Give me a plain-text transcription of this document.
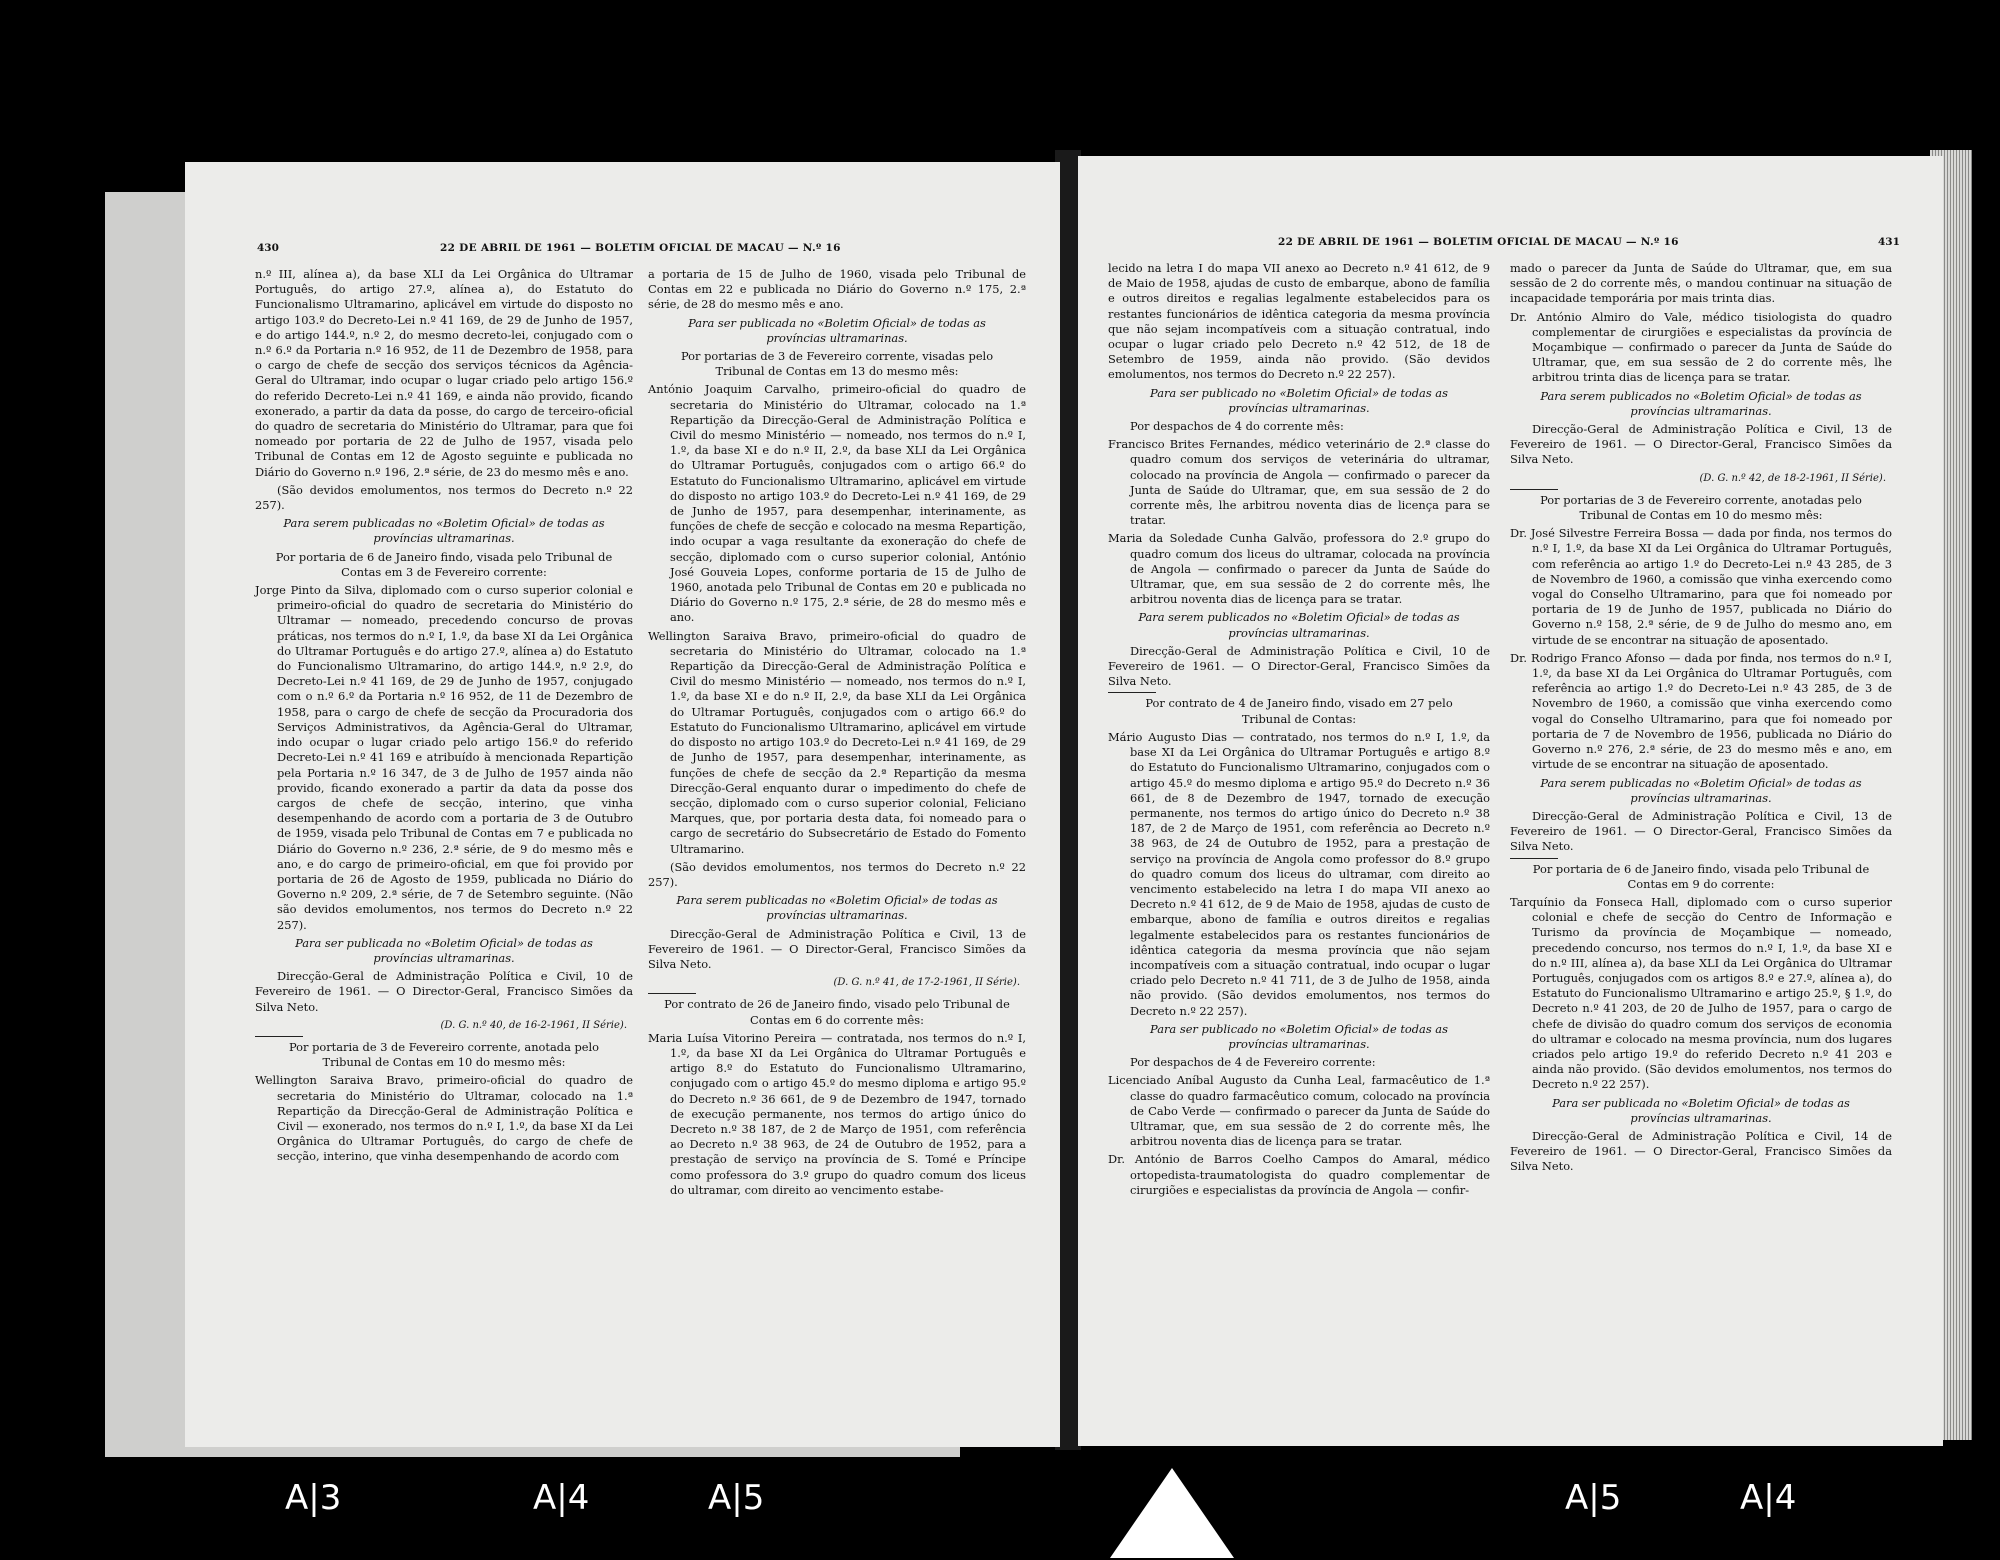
430	22 DE ABRIL DE 1961 — BOLETIM OFICIAL DE MACAU — N.º 16

n.º III, alínea a), da base XLI da Lei Orgânica do Ultramar Português, do artigo 27.º, alínea a), do Estatuto do Funcionalismo Ultramarino, aplicável em virtude do disposto no artigo 103.º do Decreto-Lei n.º 41 169, de 29 de Junho de 1957, e do artigo 144.º, n.º 2, do mesmo decreto-lei, conjugado com o n.º 6.º da Portaria n.º 16 952, de 11 de Dezembro de 1958, para o cargo de chefe de secção dos serviços técnicos da Agência-Geral do Ultramar, indo ocupar o lugar criado pelo artigo 156.º do referido Decreto-Lei n.º 41 169, e ainda não provido, ficando exonerado, a partir da data da posse, do cargo de terceiro-oficial do quadro de secretaria do Ministério do Ultramar, para que foi nomeado por portaria de 22 de Julho de 1957, visada pelo Tribunal de Contas em 12 de Agosto seguinte e publicada no Diário do Governo n.º 196, 2.ª série, de 23 do mesmo mês e ano.

(São devidos emolumentos, nos termos do Decreto n.º 22 257).

Para serem publicadas no «Boletim Oficial» de todas as províncias ultramarinas.

Por portaria de 6 de Janeiro findo, visada pelo Tribunal de Contas em 3 de Fevereiro corrente:

Jorge Pinto da Silva, diplomado com o curso superior colonial e primeiro-oficial do quadro de secretaria do Ministério do Ultramar — nomeado, precedendo concurso de provas práticas, nos termos do n.º I, 1.º, da base XI da Lei Orgânica do Ultramar Português e do artigo 27.º, alínea a) do Estatuto do Funcionalismo Ultramarino, do artigo 144.º, n.º 2.º, do Decreto-Lei n.º 41 169, de 29 de Junho de 1957, conjugado com o n.º 6.º da Portaria n.º 16 952, de 11 de Dezembro de 1958, para o cargo de chefe de secção da Procuradoria dos Serviços Administrativos, da Agência-Geral do Ultramar, indo ocupar o lugar criado pelo artigo 156.º do referido Decreto-Lei n.º 41 169 e atribuído à mencionada Repartição pela Portaria n.º 16 347, de 3 de Julho de 1957 ainda não provido, ficando exonerado a partir da data da posse dos cargos de chefe de secção, interino, que vinha desempenhando de acordo com a portaria de 3 de Outubro de 1959, visada pelo Tribunal de Contas em 7 e publicada no Diário do Governo n.º 236, 2.ª série, de 9 do mesmo mês e ano, e do cargo de primeiro-oficial, em que foi provido por portaria de 26 de Agosto de 1959, publicada no Diário do Governo n.º 209, 2.ª série, de 7 de Setembro seguinte. (Não são devidos emolumentos, nos termos do Decreto n.º 22 257).

Para ser publicada no «Boletim Oficial» de todas as províncias ultramarinas.

Direcção-Geral de Administração Política e Civil, 10 de Fevereiro de 1961. — O Director-Geral, Francisco Simões da Silva Neto.

(D. G. n.º 40, de 16-2-1961, II Série).

Por portaria de 3 de Fevereiro corrente, anotada pelo Tribunal de Contas em 10 do mesmo mês:

Wellington Saraiva Bravo, primeiro-oficial do quadro de secretaria do Ministério do Ultramar, colocado na 1.ª Repartição da Direcção-Geral de Administração Política e Civil — exonerado, nos termos do n.º I, 1.º, da base XI da Lei Orgânica do Ultramar Português, do cargo de chefe de secção, interino, que vinha desempenhando de acordo com

a portaria de 15 de Julho de 1960, visada pelo Tribunal de Contas em 22 e publicada no Diário do Governo n.º 175, 2.ª série, de 28 do mesmo mês e ano.

Para ser publicada no «Boletim Oficial» de todas as províncias ultramarinas.

Por portarias de 3 de Fevereiro corrente, visadas pelo Tribunal de Contas em 13 do mesmo mês:

António Joaquim Carvalho, primeiro-oficial do quadro de secretaria do Ministério do Ultramar, colocado na 1.ª Repartição da Direcção-Geral de Administração Política e Civil do mesmo Ministério — nomeado, nos termos do n.º I, 1.º, da base XI e do n.º II, 2.º, da base XLI da Lei Orgânica do Ultramar Português, conjugados com o artigo 66.º do Estatuto do Funcionalismo Ultramarino, aplicável em virtude do disposto no artigo 103.º do Decreto-Lei n.º 41 169, de 29 de Junho de 1957, para desempenhar, interinamente, as funções de chefe de secção e colocado na mesma Repartição, indo ocupar a vaga resultante da exoneração do chefe de secção, diplomado com o curso superior colonial, António José Gouveia Lopes, conforme portaria de 15 de Julho de 1960, anotada pelo Tribunal de Contas em 20 e publicada no Diário do Governo n.º 175, 2.ª série, de 28 do mesmo mês e ano.

Wellington Saraiva Bravo, primeiro-oficial do quadro de secretaria do Ministério do Ultramar, colocado na 1.ª Repartição da Direcção-Geral de Administração Política e Civil do mesmo Ministério — nomeado, nos termos do n.º I, 1.º, da base XI e do n.º II, 2.º, da base XLI da Lei Orgânica do Ultramar Português, conjugados com o artigo 66.º do Estatuto do Funcionalismo Ultramarino, aplicável em virtude do disposto no artigo 103.º do Decreto-Lei n.º 41 169, de 29 de Junho de 1957, para desempenhar, interinamente, as funções de chefe de secção da 2.ª Repartição da mesma Direcção-Geral enquanto durar o impedimento do chefe de secção, diplomado com o curso superior colonial, Feliciano Marques, que, por portaria desta data, foi nomeado para o cargo de secretário do Subsecretário de Estado do Fomento Ultramarino.

(São devidos emolumentos, nos termos do Decreto n.º 22 257).

Para serem publicadas no «Boletim Oficial» de todas as províncias ultramarinas.

Direcção-Geral de Administração Política e Civil, 13 de Fevereiro de 1961. — O Director-Geral, Francisco Simões da Silva Neto.

(D. G. n.º 41, de 17-2-1961, II Série).

Por contrato de 26 de Janeiro findo, visado pelo Tribunal de Contas em 6 do corrente mês:

Maria Luísa Vitorino Pereira — contratada, nos termos do n.º I, 1.º, da base XI da Lei Orgânica do Ultramar Português e artigo 8.º do Estatuto do Funcionalismo Ultramarino, conjugado com o artigo 45.º do mesmo diploma e artigo 95.º do Decreto n.º 36 661, de 9 de Dezembro de 1947, tornado de execução permanente, nos termos do artigo único do Decreto n.º 38 187, de 2 de Março de 1951, com referência ao Decreto n.º 38 963, de 24 de Outubro de 1952, para a prestação de serviço na província de S. Tomé e Príncipe como professora do 3.º grupo do quadro comum dos liceus do ultramar, com direito ao vencimento estabe-

22 DE ABRIL DE 1961 — BOLETIM OFICIAL DE MACAU — N.º 16	431

lecido na letra I do mapa VII anexo ao Decreto n.º 41 612, de 9 de Maio de 1958, ajudas de custo de embarque, abono de família e outros direitos e regalias legalmente estabelecidos para os restantes funcionários de idêntica categoria da mesma província que não sejam incompatíveis com a situação contratual, indo ocupar o lugar criado pelo Decreto n.º 42 512, de 18 de Setembro de 1959, ainda não provido. (São devidos emolumentos, nos termos do Decreto n.º 22 257).

Para ser publicado no «Boletim Oficial» de todas as províncias ultramarinas.

Por despachos de 4 do corrente mês:

Francisco Brites Fernandes, médico veterinário de 2.ª classe do quadro comum dos serviços de veterinária do ultramar, colocado na província de Angola — confirmado o parecer da Junta de Saúde do Ultramar, que, em sua sessão de 2 do corrente mês, lhe arbitrou noventa dias de licença para se tratar.

Maria da Soledade Cunha Galvão, professora do 2.º grupo do quadro comum dos liceus do ultramar, colocada na província de Angola — confirmado o parecer da Junta de Saúde do Ultramar, que, em sua sessão de 2 do corrente mês, lhe arbitrou noventa dias de licença para se tratar.

Para serem publicados no «Boletim Oficial» de todas as províncias ultramarinas.

Direcção-Geral de Administração Política e Civil, 10 de Fevereiro de 1961. — O Director-Geral, Francisco Simões da Silva Neto.

Por contrato de 4 de Janeiro findo, visado em 27 pelo Tribunal de Contas:

Mário Augusto Dias — contratado, nos termos do n.º I, 1.º, da base XI da Lei Orgânica do Ultramar Português e artigo 8.º do Estatuto do Funcionalismo Ultramarino, conjugados com o artigo 45.º do mesmo diploma e artigo 95.º do Decreto n.º 36 661, de 8 de Dezembro de 1947, tornado de execução permanente, nos termos do artigo único do Decreto n.º 38 187, de 2 de Março de 1951, com referência ao Decreto n.º 38 963, de 24 de Outubro de 1952, para a prestação de serviço na província de Angola como professor do 8.º grupo do quadro comum dos liceus do ultramar, com direito ao vencimento estabelecido na letra I do mapa VII anexo ao Decreto n.º 41 612, de 9 de Maio de 1958, ajudas de custo de embarque, abono de família e outros direitos e regalias legalmente estabelecidos para os restantes funcionários de idêntica categoria da mesma província que não sejam incompatíveis com a situação contratual, indo ocupar o lugar criado pelo Decreto n.º 41 711, de 3 de Julho de 1958, ainda não provido. (São devidos emolumentos, nos termos do Decreto n.º 22 257).

Para ser publicado no «Boletim Oficial» de todas as províncias ultramarinas.

Por despachos de 4 de Fevereiro corrente:

Licenciado Aníbal Augusto da Cunha Leal, farmacêutico de 1.ª classe do quadro farmacêutico comum, colocado na província de Cabo Verde — confirmado o parecer da Junta de Saúde do Ultramar, que, em sua sessão de 2 do corrente mês, lhe arbitrou noventa dias de licença para se tratar.

Dr. António de Barros Coelho Campos do Amaral, médico ortopedista-traumatologista do quadro complementar de cirurgiões e especialistas da província de Angola — confir-

mado o parecer da Junta de Saúde do Ultramar, que, em sua sessão de 2 do corrente mês, o mandou continuar na situação de incapacidade temporária por mais trinta dias.

Dr. António Almiro do Vale, médico tisiologista do quadro complementar de cirurgiões e especialistas da província de Moçambique — confirmado o parecer da Junta de Saúde do Ultramar, que, em sua sessão de 2 do corrente mês, lhe arbitrou trinta dias de licença para se tratar.

Para serem publicados no «Boletim Oficial» de todas as províncias ultramarinas.

Direcção-Geral de Administração Política e Civil, 13 de Fevereiro de 1961. — O Director-Geral, Francisco Simões da Silva Neto.

(D. G. n.º 42, de 18-2-1961, II Série).

Por portarias de 3 de Fevereiro corrente, anotadas pelo Tribunal de Contas em 10 do mesmo mês:

Dr. José Silvestre Ferreira Bossa — dada por finda, nos termos do n.º I, 1.º, da base XI da Lei Orgânica do Ultramar Português, com referência ao artigo 1.º do Decreto-Lei n.º 43 285, de 3 de Novembro de 1960, a comissão que vinha exercendo como vogal do Conselho Ultramarino, para que foi nomeado por portaria de 19 de Junho de 1957, publicada no Diário do Governo n.º 158, 2.ª série, de 9 de Julho do mesmo ano, em virtude de se encontrar na situação de aposentado.

Dr. Rodrigo Franco Afonso — dada por finda, nos termos do n.º I, 1.º, da base XI da Lei Orgânica do Ultramar Português, com referência ao artigo 1.º do Decreto-Lei n.º 43 285, de 3 de Novembro de 1960, a comissão que vinha exercendo como vogal do Conselho Ultramarino, para que foi nomeado por portaria de 7 de Novembro de 1956, publicada no Diário do Governo n.º 276, 2.ª série, de 23 do mesmo mês e ano, em virtude de se encontrar na situação de aposentado.

Para serem publicadas no «Boletim Oficial» de todas as províncias ultramarinas.

Direcção-Geral de Administração Política e Civil, 13 de Fevereiro de 1961. — O Director-Geral, Francisco Simões da Silva Neto.

Por portaria de 6 de Janeiro findo, visada pelo Tribunal de Contas em 9 do corrente:

Tarquínio da Fonseca Hall, diplomado com o curso superior colonial e chefe de secção do Centro de Informação e Turismo da província de Moçambique — nomeado, precedendo concurso, nos termos do n.º I, 1.º, da base XI e do n.º III, alínea a), da base XLI da Lei Orgânica do Ultramar Português, conjugados com os artigos 8.º e 27.º, alínea a), do Estatuto do Funcionalismo Ultramarino e artigo 25.º, § 1.º, do Decreto n.º 41 203, de 20 de Julho de 1957, para o cargo de chefe de divisão do quadro comum dos serviços de economia do ultramar e colocado na mesma província, num dos lugares criados pelo artigo 19.º do referido Decreto n.º 41 203 e ainda não provido. (São devidos emolumentos, nos termos do Decreto n.º 22 257).

Para ser publicada no «Boletim Oficial» de todas as províncias ultramarinas.

Direcção-Geral de Administração Política e Civil, 14 de Fevereiro de 1961. — O Director-Geral, Francisco Simões da Silva Neto.

A|3	A|4	A|5	A|5	A|4
